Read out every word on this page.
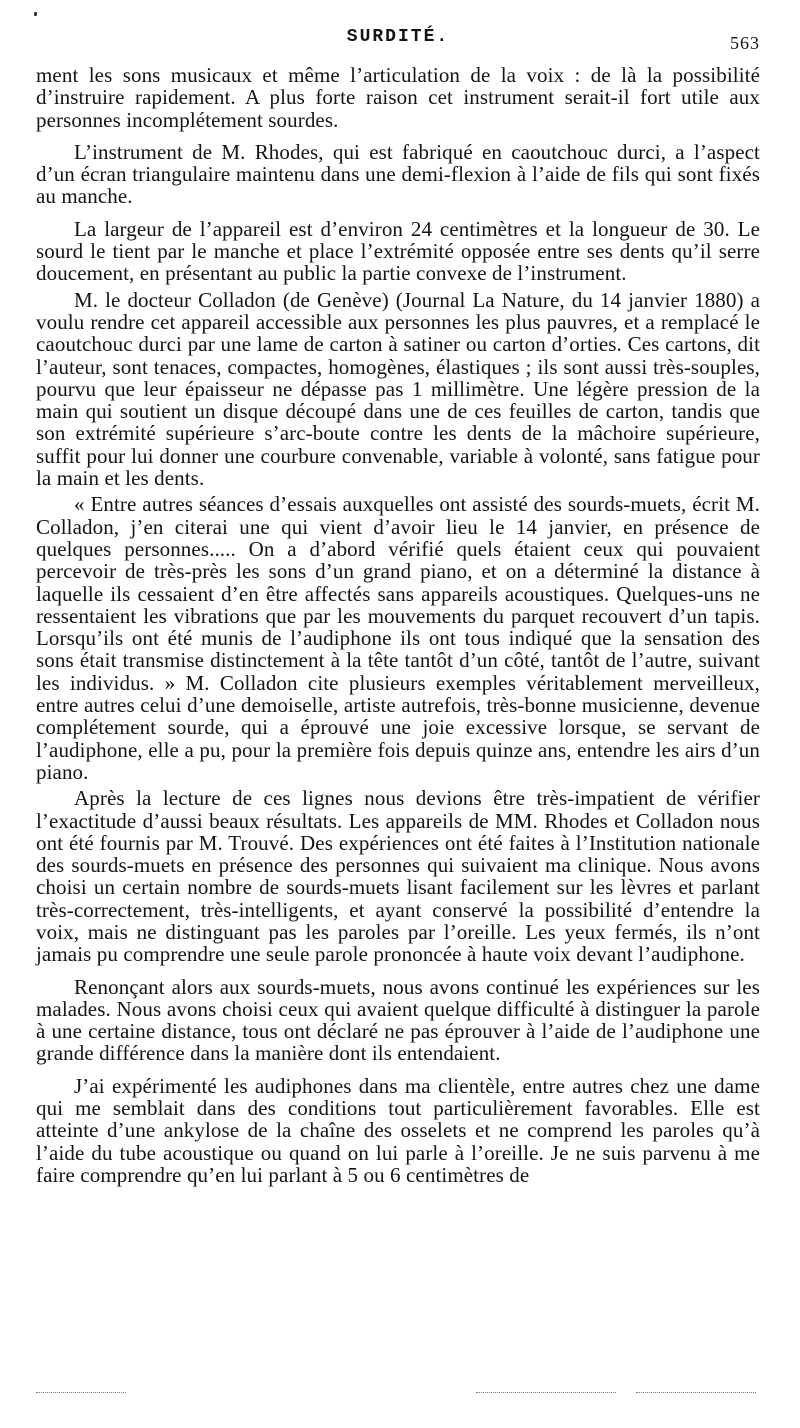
SURDITÉ.	563

ment les sons musicaux et même l’articulation de la voix : de là la possibilité d’instruire rapidement. A plus forte raison cet instrument serait-il fort utile aux personnes incomplétement sourdes.

L’instrument de M. Rhodes, qui est fabriqué en caoutchouc durci, a l’aspect d’un écran triangulaire maintenu dans une demi-flexion à l’aide de fils qui sont fixés au manche.

La largeur de l’appareil est d’environ 24 centimètres et la longueur de 30. Le sourd le tient par le manche et place l’extrémité opposée entre ses dents qu’il serre doucement, en présentant au public la partie convexe de l’instrument.

M. le docteur Colladon (de Genève) (Journal La Nature, du 14 janvier 1880) a voulu rendre cet appareil accessible aux personnes les plus pauvres, et a remplacé le caoutchouc durci par une lame de carton à satiner ou carton d’orties. Ces cartons, dit l’auteur, sont tenaces, compactes, homogènes, élastiques ; ils sont aussi très-souples, pourvu que leur épaisseur ne dépasse pas 1 millimètre. Une légère pression de la main qui soutient un disque découpé dans une de ces feuilles de carton, tandis que son extrémité supérieure s’arc-boute contre les dents de la mâchoire supérieure, suffit pour lui donner une courbure convenable, variable à volonté, sans fatigue pour la main et les dents.

« Entre autres séances d’essais auxquelles ont assisté des sourds-muets, écrit M. Colladon, j’en citerai une qui vient d’avoir lieu le 14 janvier, en présence de quelques personnes..... On a d’abord vérifié quels étaient ceux qui pouvaient percevoir de très-près les sons d’un grand piano, et on a déterminé la distance à laquelle ils cessaient d’en être affectés sans appareils acoustiques. Quelques-uns ne ressentaient les vibrations que par les mouvements du parquet recouvert d’un tapis. Lorsqu’ils ont été munis de l’audiphone ils ont tous indiqué que la sensation des sons était transmise distinctement à la tête tantôt d’un côté, tantôt de l’autre, suivant les individus. » M. Colladon cite plusieurs exemples véritablement merveilleux, entre autres celui d’une demoiselle, artiste autrefois, très-bonne musicienne, devenue complétement sourde, qui a éprouvé une joie excessive lorsque, se servant de l’audiphone, elle a pu, pour la première fois depuis quinze ans, entendre les airs d’un piano.

Après la lecture de ces lignes nous devions être très-impatient de vérifier l’exactitude d’aussi beaux résultats. Les appareils de MM. Rhodes et Colladon nous ont été fournis par M. Trouvé. Des expériences ont été faites à l’Institution nationale des sourds-muets en présence des personnes qui suivaient ma clinique. Nous avons choisi un certain nombre de sourds-muets lisant facilement sur les lèvres et parlant très-correctement, très-intelligents, et ayant conservé la possibilité d’entendre la voix, mais ne distinguant pas les paroles par l’oreille. Les yeux fermés, ils n’ont jamais pu comprendre une seule parole prononcée à haute voix devant l’audiphone.

Renonçant alors aux sourds-muets, nous avons continué les expériences sur les malades. Nous avons choisi ceux qui avaient quelque difficulté à distinguer la parole à une certaine distance, tous ont déclaré ne pas éprouver à l’aide de l’audiphone une grande différence dans la manière dont ils entendaient.

J’ai expérimenté les audiphones dans ma clientèle, entre autres chez une dame qui me semblait dans des conditions tout particulièrement favorables. Elle est atteinte d’une ankylose de la chaîne des osselets et ne comprend les paroles qu’à l’aide du tube acoustique ou quand on lui parle à l’oreille. Je ne suis parvenu à me faire comprendre qu’en lui parlant à 5 ou 6 centimètres de
